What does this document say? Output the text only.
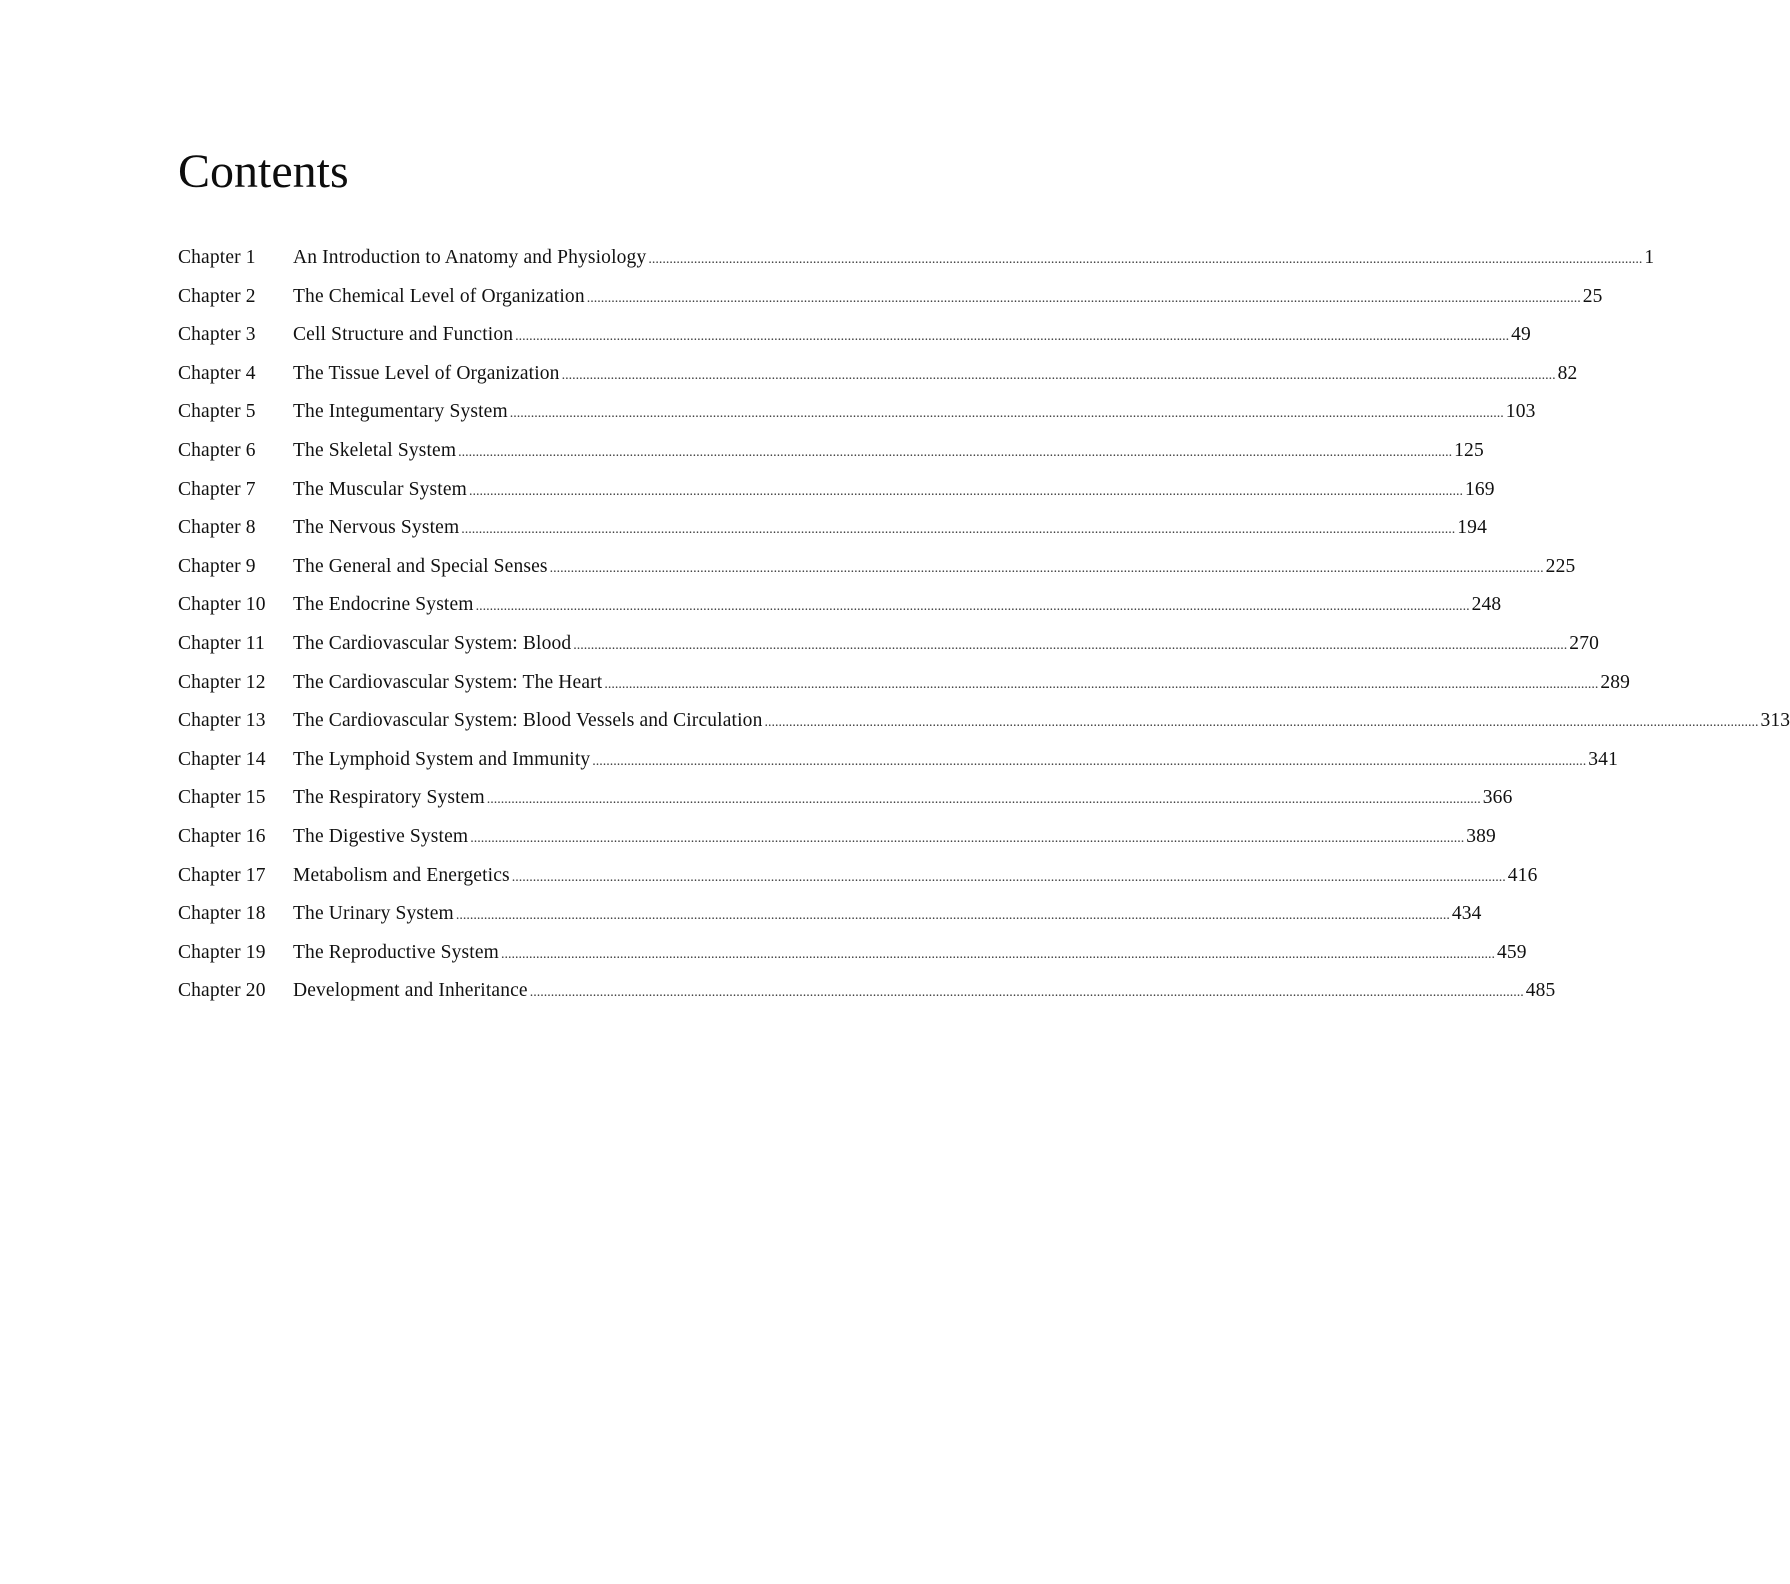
Contents
Chapter 1	An Introduction to Anatomy and Physiology ............................................................................................................................................................................................................................................................................................ 1
Chapter 2	The Chemical Level of Organization ............................................................................................................................................................................................................................................................................................ 25
Chapter 3	Cell Structure and Function ............................................................................................................................................................................................................................................................................................ 49
Chapter 4	The Tissue Level of Organization ............................................................................................................................................................................................................................................................................................ 82
Chapter 5	The Integumentary System ............................................................................................................................................................................................................................................................................................ 103
Chapter 6	The Skeletal System ............................................................................................................................................................................................................................................................................................ 125
Chapter 7	The Muscular System ............................................................................................................................................................................................................................................................................................ 169
Chapter 8	The Nervous System ............................................................................................................................................................................................................................................................................................ 194
Chapter 9	The General and Special Senses ............................................................................................................................................................................................................................................................................................ 225
Chapter 10	The Endocrine System ............................................................................................................................................................................................................................................................................................ 248
Chapter 11	The Cardiovascular System: Blood ............................................................................................................................................................................................................................................................................................ 270
Chapter 12	The Cardiovascular System: The Heart ............................................................................................................................................................................................................................................................................................ 289
Chapter 13	The Cardiovascular System: Blood Vessels and Circulation ............................................................................................................................................................................................................................................................................................ 313
Chapter 14	The Lymphoid System and Immunity ............................................................................................................................................................................................................................................................................................ 341
Chapter 15	The Respiratory System ............................................................................................................................................................................................................................................................................................ 366
Chapter 16	The Digestive System ............................................................................................................................................................................................................................................................................................ 389
Chapter 17	Metabolism and Energetics ............................................................................................................................................................................................................................................................................................ 416
Chapter 18	The Urinary System ............................................................................................................................................................................................................................................................................................ 434
Chapter 19	The Reproductive System ............................................................................................................................................................................................................................................................................................ 459
Chapter 20	Development and Inheritance ............................................................................................................................................................................................................................................................................................ 485
